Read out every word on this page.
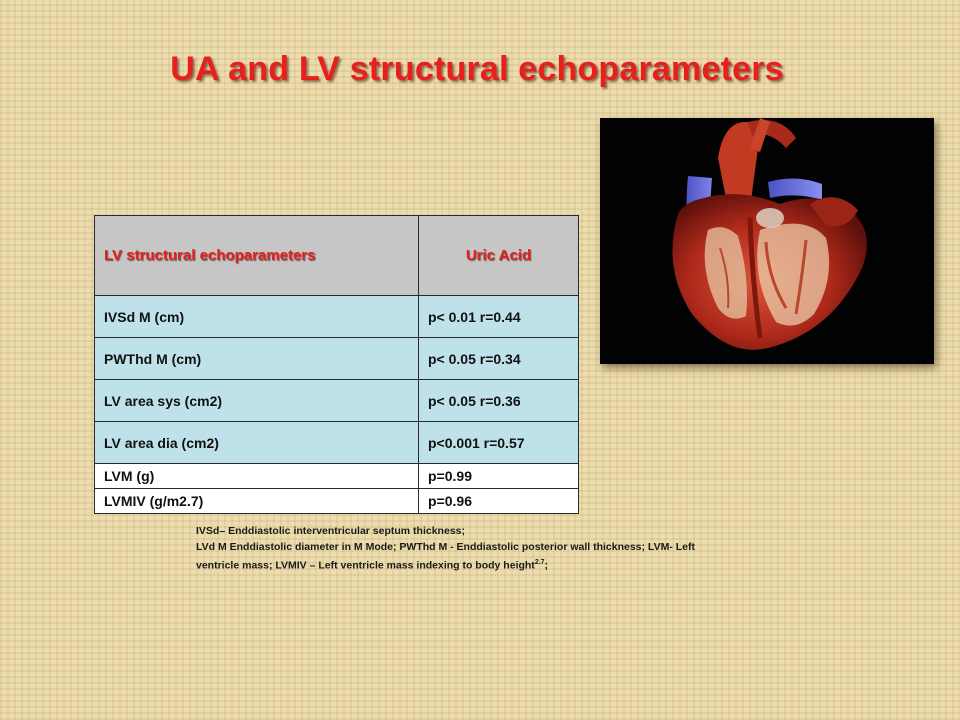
UA and LV structural echoparameters
LV structural echoparameters	Uric Acid
IVSd M (cm)	p< 0.01 r=0.44
PWThd M (cm)	p< 0.05 r=0.34
LV area sys (cm2)	p< 0.05 r=0.36
LV area dia (cm2)	p<0.001 r=0.57
LVM (g)	p=0.99
LVMIV (g/m2.7)	p=0.96
IVSd– Enddiastolic interventricular septum thickness;
LVd M Enddiastolic diameter in M Mode; PWThd M - Enddiastolic posterior wall thickness; LVM- Left ventricle mass; LVMIV – Left ventricle mass indexing to body height$^{2.7}$;
